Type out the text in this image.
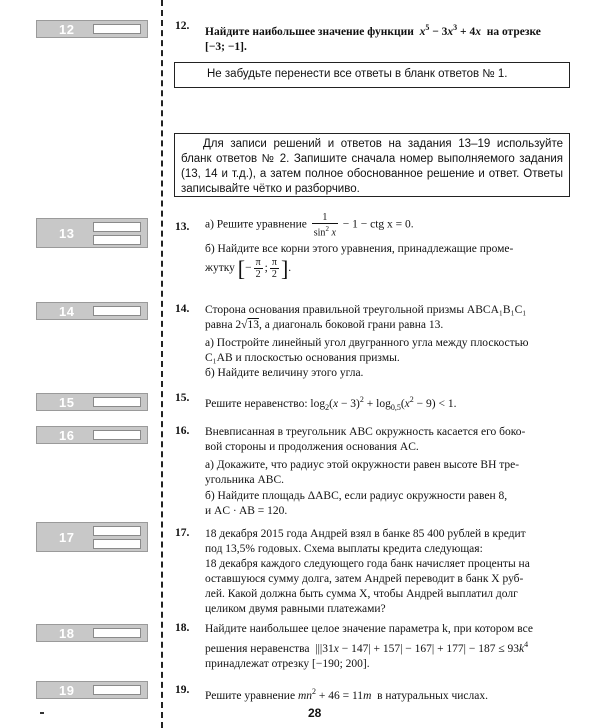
12
13
14
15
16
17
18
19
12. Найдите наибольшее значение функции $x^5 - 3x^3 + 4x$ на отрезке
[−3; −1].
Не забудьте перенести все ответы в бланк ответов № 1.
Для записи решений и ответов на задания 13–19 используйте бланк ответов № 2. Запишите сначала номер выполняемого задания (13, 14 и т.д.), а затем полное обоснованное решение и ответ. Ответы записывайте чётко и разборчиво.
13. а) Решите уравнение $\frac{1}{\sin^2 x} - 1$ − ctg x = 0.
б) Найдите все корни этого уравнения, принадлежащие проме-
жутку [− $\frac{\pi}{2}$ ; $\frac{\pi}{2}$ ].
14. Сторона основания правильной треугольной призмы ABCA₁B₁C₁
равна 2√13, а диагональ боковой грани равна 13.
а) Постройте линейный угол двугранного угла между плоскостью
C₁AB и плоскостью основания призмы.
б) Найдите величину этого угла.
15. Решите неравенство: $\log_2(x - 3)^2 + \log_{0,5}(x^2 - 9) < 1$.
16. Вневписанная в треугольник ABC окружность касается его боко-
вой стороны и продолжения основания AC.
а) Докажите, что радиус этой окружности равен высоте BH тре-
угольника ABC.
б) Найдите площадь ΔABC, если радиус окружности равен 8,
и AC · AB = 120.
17. 18 декабря 2015 года Андрей взял в банке 85 400 рублей в кредит
под 13,5% годовых. Схема выплаты кредита следующая:
18 декабря каждого следующего года банк начисляет проценты на
оставшуюся сумму долга, затем Андрей переводит в банк X руб-
лей. Какой должна быть сумма X, чтобы Андрей выплатил долг
целиком двумя равными платежами?
18. Найдите наибольшее целое значение параметра k, при котором все
решения неравенства  $|||31x - 147| + 157| - 167| + 177| - 187 \le 93k^4$
принадлежат отрезку [−190; 200].
19. Решите уравнение $mn^2 + 46 = 11m$ в натуральных числах.
28
